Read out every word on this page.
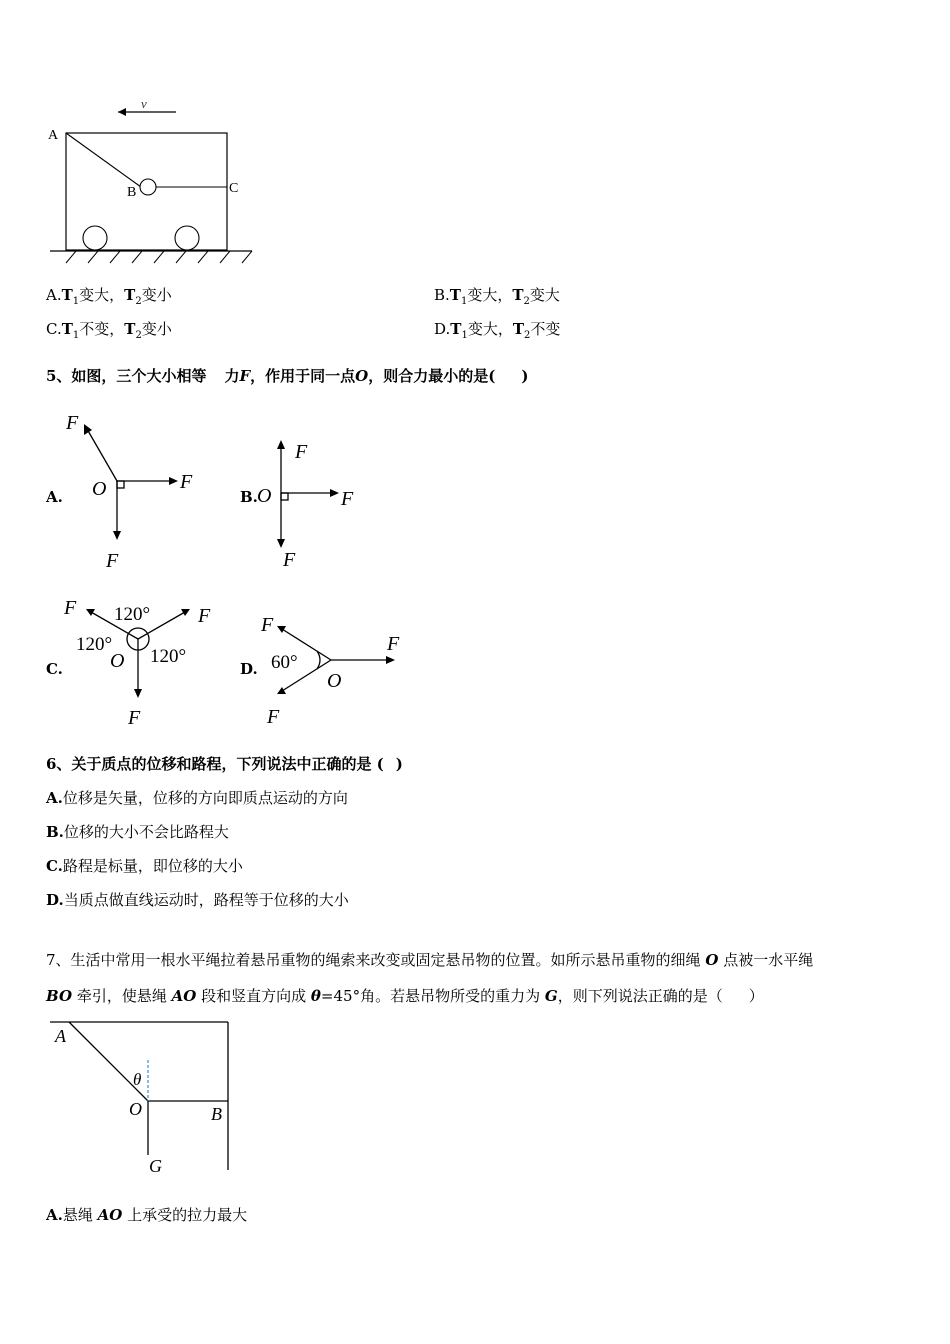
v
A
B	C
$A.T_1$变大，$T_2$变小	$B.T_1$变大，$T_2$变大
$C.T_1$不变，$T_2$变小	$D.T_1$变大，$T_2$不变
5、如图，三个大小相等 力F，作用于同一点O，则合力最小的是( )
A.
F
F
F
O	B.
F
F
F
O
C.
F	F
F
120°
120°
120°
O	D.
F
F
F
60°
O
6、关于质点的位移和路程，下列说法中正确的是 ( )
A.位移是矢量，位移的方向即质点运动的方向
B.位移的大小不会比路程大
C.路程是标量，即位移的大小
D.当质点做直线运动时，路程等于位移的大小
7、生活中常用一根水平绳拉着悬吊重物的绳索来改变或固定悬吊物的位置。如所示悬吊重物的细绳 O 点被一水平绳
BO 牵引，使悬绳 AO 段和竖直方向成 θ=45°角。若悬吊物所受的重力为 G，则下列说法正确的是（ ）
A
θ
O	B
G
A.悬绳 AO 上承受的拉力最大
